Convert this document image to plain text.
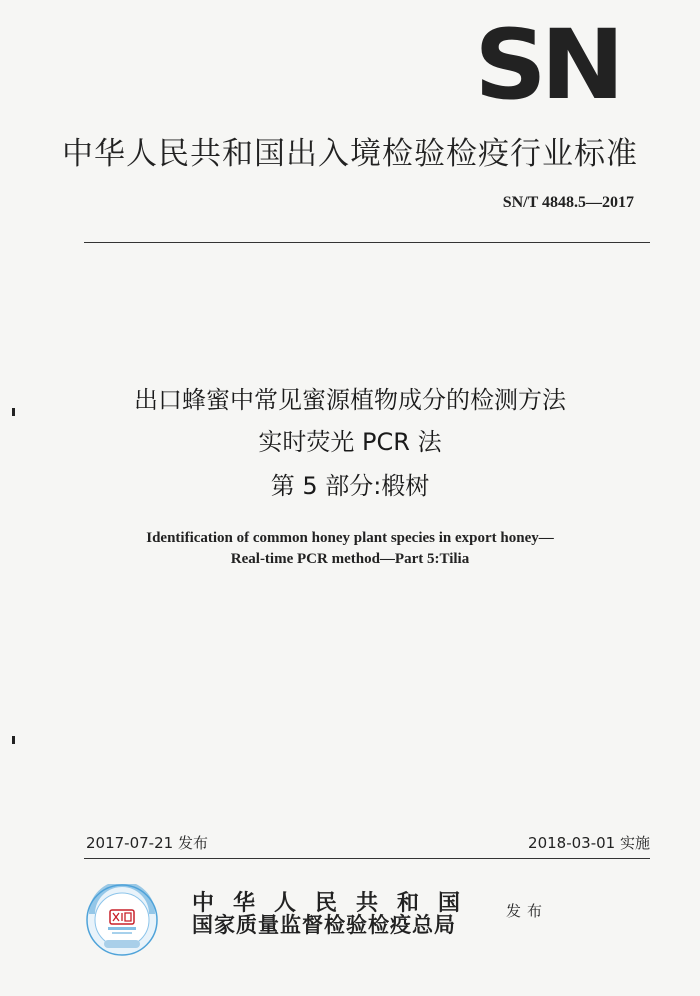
SN
中华人民共和国出入境检验检疫行业标准
SN/T 4848.5—2017
出口蜂蜜中常见蜜源植物成分的检测方法
实时荧光 PCR 法
第 5 部分:椴树
Identification of common honey plant species in export honey—
Real-time PCR method—Part 5:Tilia
2017-07-21 发布	2018-03-01 实施
中华人民共和国
国家质量监督检验检疫总局
发布
